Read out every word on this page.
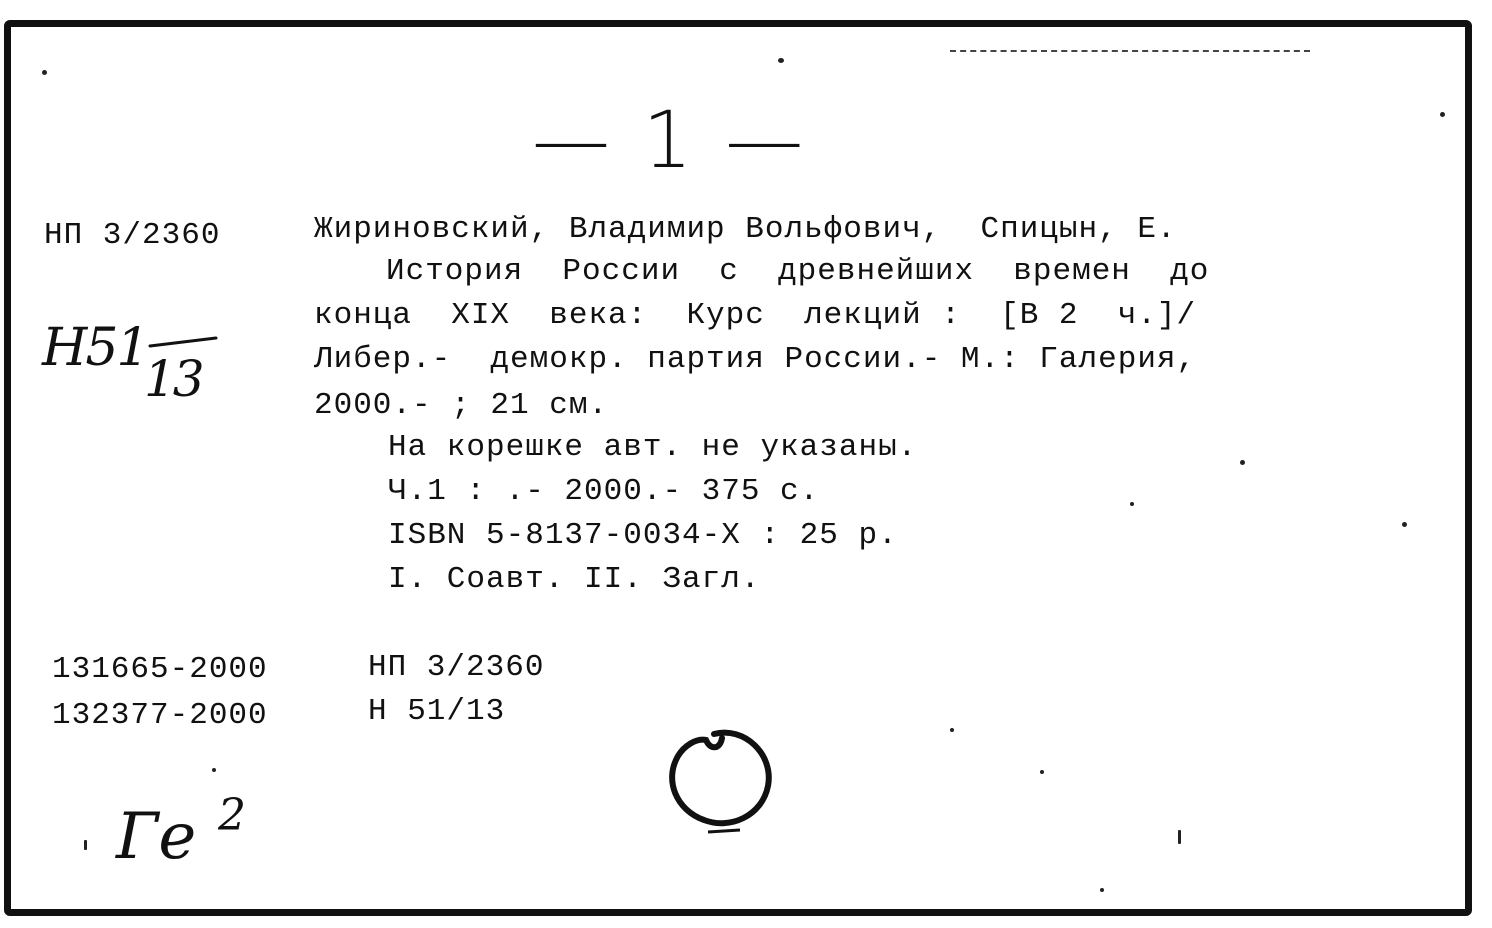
— 1 —
НП 3/2360
Н51
13
Жириновский, Владимир Вольфович,  Спицын, Е.
История  России  с  древнейших  времен  до
конца  XIX  века:  Курс  лекций :  [В 2  ч.]/
Либер.-  демокр. партия России.- М.: Галерия,
2000.- ; 21 см.
На корешке авт. не указаны.
Ч.1 : .- 2000.- 375 с.
ISBN 5-8137-0034-X : 25 р.
I. Соавт. II. Загл.
131665-2000	НП 3/2360
132377-2000	Н 51/13
Ге 2
